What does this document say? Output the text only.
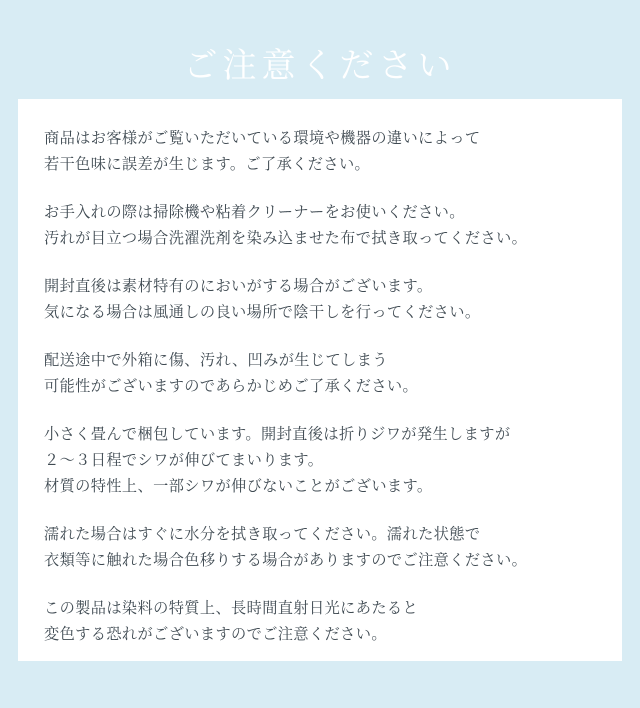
ご注意ください
商品はお客様がご覧いただいている環境や機器の違いによって
若干色味に誤差が生じます。ご了承ください。
お手入れの際は掃除機や粘着クリーナーをお使いください。
汚れが目立つ場合洗濯洗剤を染み込ませた布で拭き取ってください。
開封直後は素材特有のにおいがする場合がございます。
気になる場合は風通しの良い場所で陰干しを行ってください。
配送途中で外箱に傷、汚れ、凹みが生じてしまう
可能性がございますのであらかじめご了承ください。
小さく畳んで梱包しています。開封直後は折りジワが発生しますが
２～３日程でシワが伸びてまいります。
材質の特性上、一部シワが伸びないことがございます。
濡れた場合はすぐに水分を拭き取ってください。濡れた状態で
衣類等に触れた場合色移りする場合がありますのでご注意ください。
この製品は染料の特質上、長時間直射日光にあたると
変色する恐れがございますのでご注意ください。
